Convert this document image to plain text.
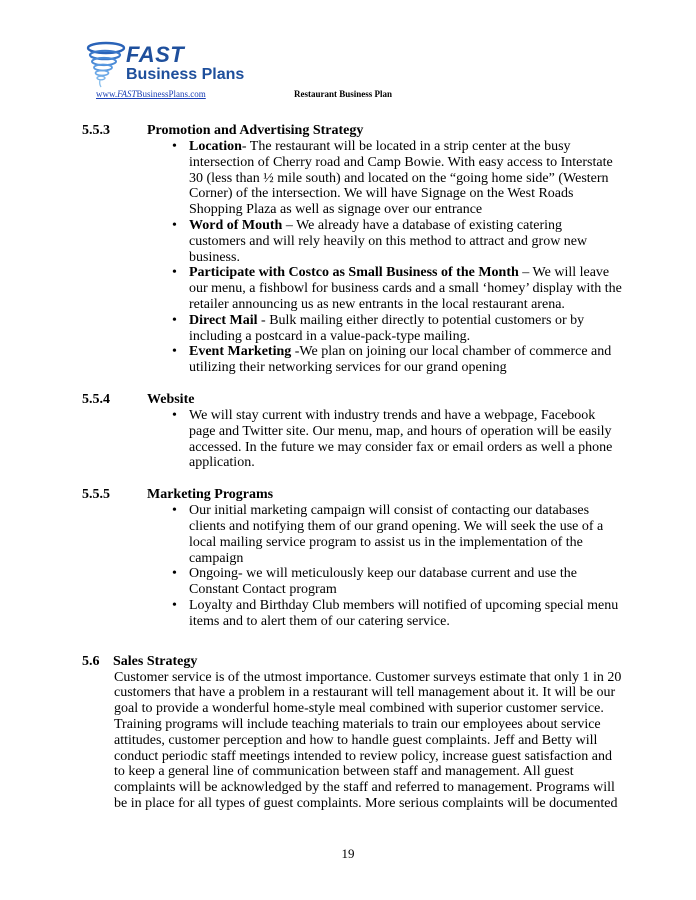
FAST
Business Plans
www.FASTBusinessPlans.com	Restaurant Business Plan
5.5.3	Promotion and Advertising Strategy
• Location- The restaurant will be located in a strip center at the busy intersection of Cherry road and Camp Bowie. With easy access to Interstate 30 (less than ½ mile south) and located on the “going home side” (Western Corner) of the intersection. We will have Signage on the West Roads Shopping Plaza as well as signage over our entrance
• Word of Mouth – We already have a database of existing catering customers and will rely heavily on this method to attract and grow new business.
• Participate with Costco as Small Business of the Month – We will leave our menu, a fishbowl for business cards and a small ‘homey’ display with the retailer announcing us as new entrants in the local restaurant arena.
• Direct Mail - Bulk mailing either directly to potential customers or by including a postcard in a value-pack-type mailing.
• Event Marketing -We plan on joining our local chamber of commerce and utilizing their networking services for our grand opening
5.5.4	Website
• We will stay current with industry trends and have a webpage, Facebook page and Twitter site. Our menu, map, and hours of operation will be easily accessed. In the future we may consider fax or email orders as well a phone application.
5.5.5	Marketing Programs
• Our initial marketing campaign will consist of contacting our databases clients and notifying them of our grand opening. We will seek the use of a local mailing service program to assist us in the implementation of the campaign
• Ongoing- we will meticulously keep our database current and use the Constant Contact program
• Loyalty and Birthday Club members will notified of upcoming special menu items and to alert them of our catering service.
5.6 Sales Strategy
Customer service is of the utmost importance. Customer surveys estimate that only 1 in 20 customers that have a problem in a restaurant will tell management about it. It will be our goal to provide a wonderful home-style meal combined with superior customer service. Training programs will include teaching materials to train our employees about service attitudes, customer perception and how to handle guest complaints. Jeff and Betty will conduct periodic staff meetings intended to review policy, increase guest satisfaction and to keep a general line of communication between staff and management. All guest complaints will be acknowledged by the staff and referred to management. Programs will be in place for all types of guest complaints. More serious complaints will be documented
19
